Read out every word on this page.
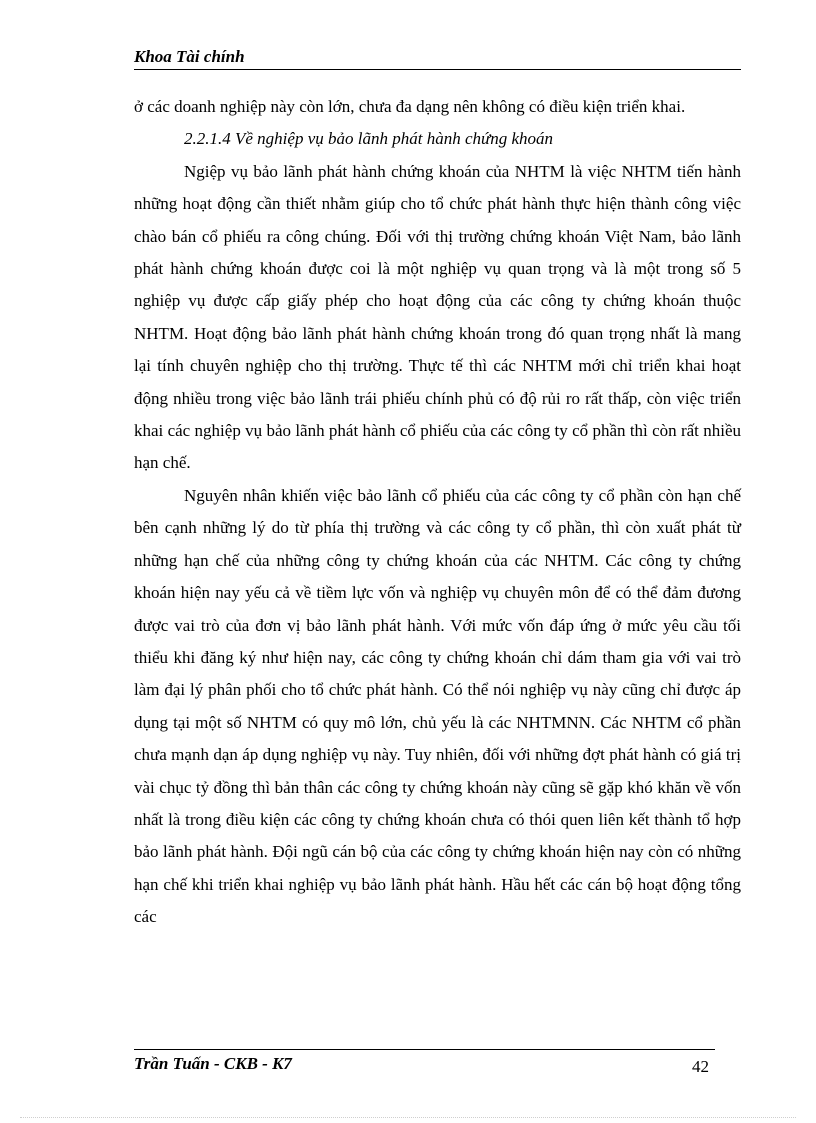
Khoa Tài chính

ở các doanh nghiệp này còn lớn, chưa đa dạng nên không có điều kiện triển khai.

2.2.1.4 Về nghiệp vụ bảo lãnh phát hành chứng khoán

Ngiệp vụ bảo lãnh phát hành chứng khoán của NHTM là việc NHTM tiến hành những hoạt động cần thiết nhằm giúp cho tổ chức phát hành thực hiện thành công việc chào bán cổ phiếu ra công chúng. Đối với thị trường chứng khoán Việt Nam, bảo lãnh phát hành chứng khoán được coi là một nghiệp vụ quan trọng và là một trong số 5 nghiệp vụ được cấp giấy phép cho hoạt động của các công ty chứng khoán thuộc NHTM. Hoạt động bảo lãnh phát hành chứng khoán trong đó quan trọng nhất là mang lại tính chuyên nghiệp cho thị trường. Thực tế thì các NHTM mới chỉ triển khai hoạt động nhiều trong việc bảo lãnh trái phiếu chính phủ có độ rủi ro rất thấp, còn việc triển khai các nghiệp vụ bảo lãnh phát hành cổ phiếu của các công ty cổ phần thì còn rất nhiều hạn chế.

Nguyên nhân khiến việc bảo lãnh cổ phiếu của các công ty cổ phần còn hạn chế bên cạnh những lý do từ phía thị trường và các công ty cổ phần, thì còn xuất phát từ những hạn chế của những công ty chứng khoán của các NHTM. Các công ty chứng khoán hiện nay yếu cả về tiềm lực vốn và nghiệp vụ chuyên môn để có thể đảm đương được vai trò của đơn vị bảo lãnh phát hành. Với mức vốn đáp ứng ở mức yêu cầu tối thiểu khi đăng ký như hiện nay, các công ty chứng khoán chỉ dám tham gia với vai trò làm đại lý phân phối cho tổ chức phát hành. Có thể nói nghiệp vụ này cũng chỉ được áp dụng tại một số NHTM có quy mô lớn, chủ yếu là các NHTMNN. Các NHTM cổ phần chưa mạnh dạn áp dụng nghiệp vụ này. Tuy nhiên, đối với những đợt phát hành có giá trị vài chục tỷ đồng thì bản thân các công ty chứng khoán này cũng sẽ gặp khó khăn về vốn nhất là trong điều kiện các công ty chứng khoán chưa có thói quen liên kết thành tổ hợp bảo lãnh phát hành. Đội ngũ cán bộ của các công ty chứng khoán hiện nay còn có những hạn chế khi triển khai nghiệp vụ bảo lãnh phát hành. Hầu hết các cán bộ hoạt động tổng các

Trần Tuấn - CKB - K7	42
